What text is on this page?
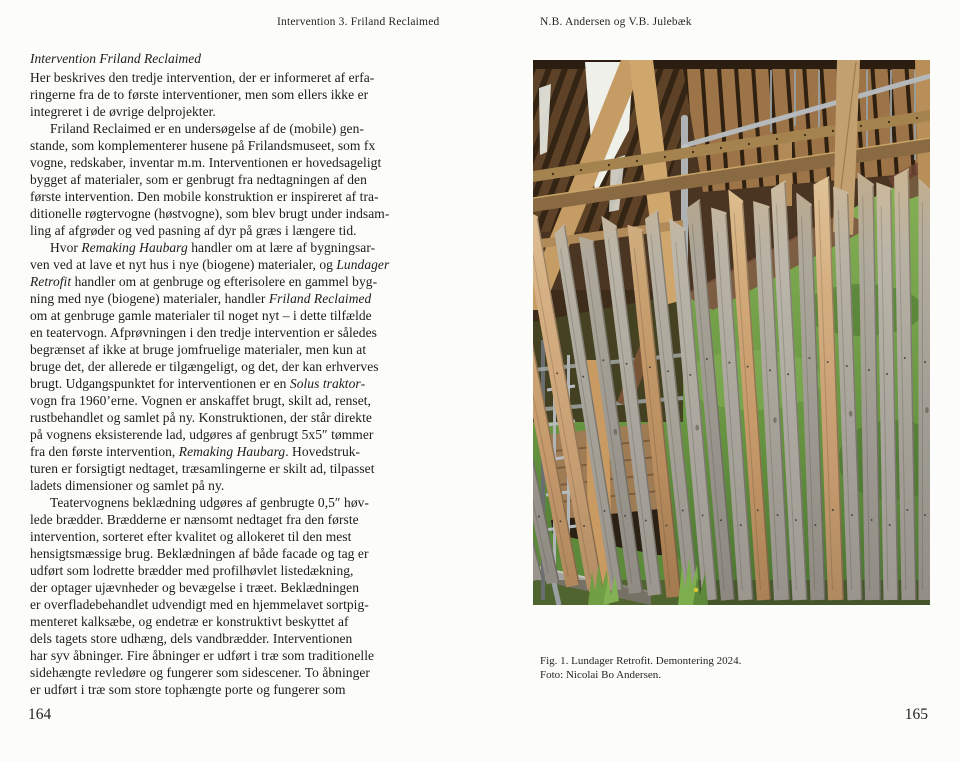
Intervention 3. Friland Reclaimed	N.B. Andersen og V.B. Julebæk
Intervention Friland Reclaimed
Her beskrives den tredje intervention, der er informeret af erfa-
ringerne fra de to første interventioner, men som ellers ikke er
integreret i de øvrige delprojekter.
Friland Reclaimed er en undersøgelse af de (mobile) gen-
stande, som komplementerer husene på Frilandsmuseet, som fx
vogne, redskaber, inventar m.m. Interventionen er hovedsageligt
bygget af materialer, som er genbrugt fra nedtagningen af den
første intervention. Den mobile konstruktion er inspireret af tra-
ditionelle røgtervogne (høstvogne), som blev brugt under indsam-
ling af afgrøder og ved pasning af dyr på græs i længere tid.
Hvor Remaking Haubarg handler om at lære af bygningsar-
ven ved at lave et nyt hus i nye (biogene) materialer, og Lundager
Retrofit handler om at genbruge og efterisolere en gammel byg-
ning med nye (biogene) materialer, handler Friland Reclaimed
om at genbruge gamle materialer til noget nyt – i dette tilfælde
en teatervogn. Afprøvningen i den tredje intervention er således
begrænset af ikke at bruge jomfruelige materialer, men kun at
bruge det, der allerede er tilgængeligt, og det, der kan erhverves
brugt. Udgangspunktet for interventionen er en Solus traktor-
vogn fra 1960’erne. Vognen er anskaffet brugt, skilt ad, renset,
rustbehandlet og samlet på ny. Konstruktionen, der står direkte
på vognens eksisterende lad, udgøres af genbrugt 5x5″ tømmer
fra den første intervention, Remaking Haubarg. Hovedstruk-
turen er forsigtigt nedtaget, træsamlingerne er skilt ad, tilpasset
ladets dimensioner og samlet på ny.
Teatervognens beklædning udgøres af genbrugte 0,5″ høv-
lede brædder. Brædderne er nænsomt nedtaget fra den første
intervention, sorteret efter kvalitet og allokeret til den mest
hensigtsmæssige brug. Beklædningen af både facade og tag er
udført som lodrette brædder med profilhøvlet listedækning,
der optager ujævnheder og bevægelse i træet. Beklædningen
er overfladebehandlet udvendigt med en hjemmelavet sortpig-
menteret kalksæbe, og endetræ er konstruktivt beskyttet af
dels tagets store udhæng, dels vandbrædder. Interventionen
har syv åbninger. Fire åbninger er udført i træ som traditionelle
sidehængte revledøre og fungerer som sidescener. To åbninger
er udført i træ som store tophængte porte og fungerer som
Fig. 1. Lundager Retrofit. Demontering 2024.
Foto: Nicolai Bo Andersen.
164	165
